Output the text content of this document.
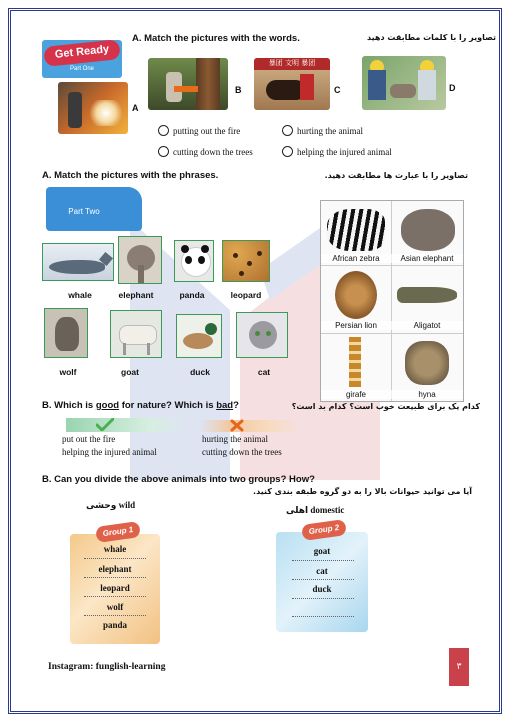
A. Match the pictures with the words.	تصاویر را با کلمات مطابقت دهید
Get Ready
Part One
A
B
暴团 文明 暴团
C	D
putting out the fire	hurting the animal
cutting down the trees	helping the injured animal
A. Match the pictures with the phrases.	تصاویر را با عبارت ها مطابقت دهید.
Part Two
whale	elephant	panda	leopard
wolf	goat	duck	cat
African zebra	Asian elephant
Persian lion	Aligatot
girafe	hyna
B. Which is good for nature? Which is bad?	کدام یک برای طبیعت خوب است؟ کدام بد است؟
put out the fire
helping the injured animal
hurting the animal
cutting down the trees
B. Can you divide the above animals into two groups? How?
آیا می توانید حیوانات بالا را به دو گروه طبقه بندی کنید.
وحشی wild
اهلی domestic
Group 1
whale
elephant
leopard
wolf
panda
Group 2
goat
cat
duck
Instagram: funglish-learning	۳
